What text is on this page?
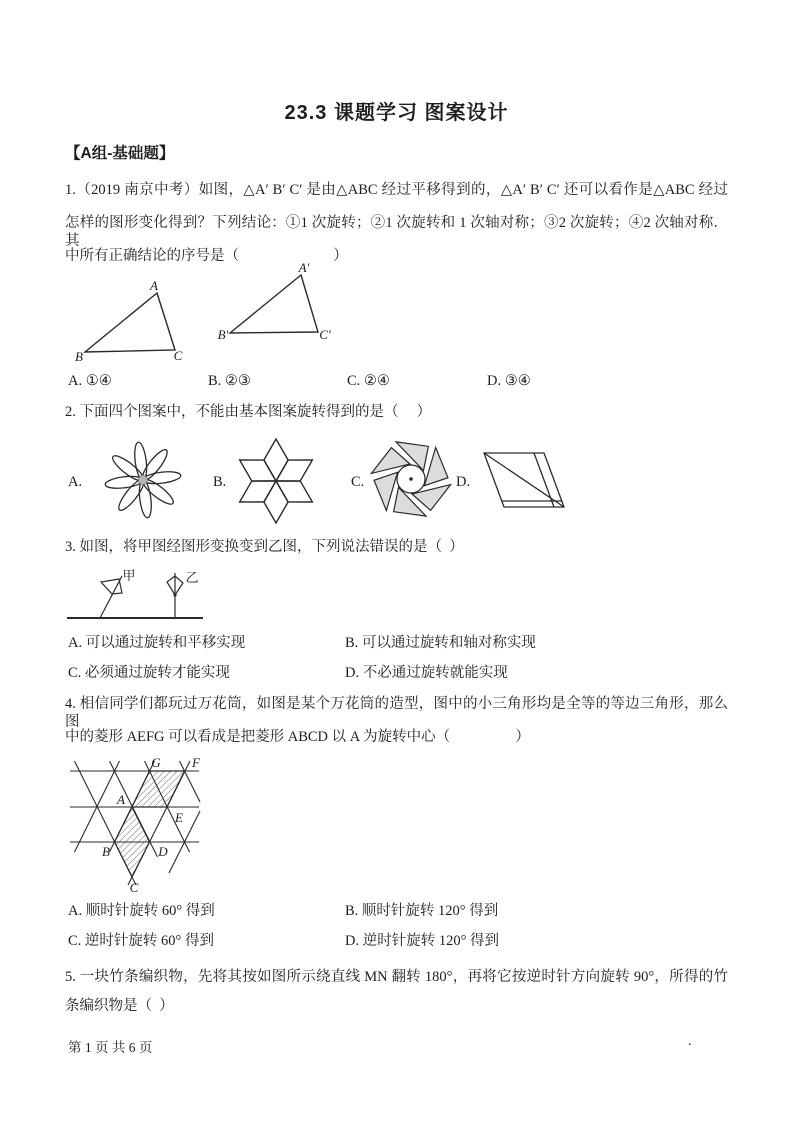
23.3 课题学习 图案设计
【A组-基础题】
1.（2019 南京中考）如图，△A′ B′ C′ 是由△ABC 经过平移得到的，△A′ B′ C′ 还可以看作是△ABC 经过
怎样的图形变化得到？下列结论：①1 次旋转；②1 次旋转和 1 次轴对称；③2 次旋转；④2 次轴对称．其
中所有正确结论的序号是（                          ）
A
B	C
A′
B′	C′
A. ①④	B. ②③	C. ②④	D. ③④
2. 下面四个图案中，不能由基本图案旋转得到的是（     ）
A.	B.	C.	D.
3. 如图，将甲图经图形变换变到乙图，下列说法错误的是（  ）
甲	乙
A. 可以通过旋转和平移实现	B. 可以通过旋转和轴对称实现
C. 必须通过旋转才能实现	D. 不必通过旋转就能实现
4. 相信同学们都玩过万花筒，如图是某个万花筒的造型，图中的小三角形均是全等的等边三角形，那么图
中的菱形 AEFG 可以看成是把菱形 ABCD 以 A 为旋转中心（                  ）
G F
A
E
B	D
C
A. 顺时针旋转 60° 得到	B. 顺时针旋转 120° 得到
C. 逆时针旋转 60° 得到	D. 逆时针旋转 120° 得到
5. 一块竹条编织物，先将其按如图所示绕直线 MN 翻转 180°，再将它按逆时针方向旋转 90°，所得的竹
条编织物是（  ）
第 1 页 共 6 页	.
